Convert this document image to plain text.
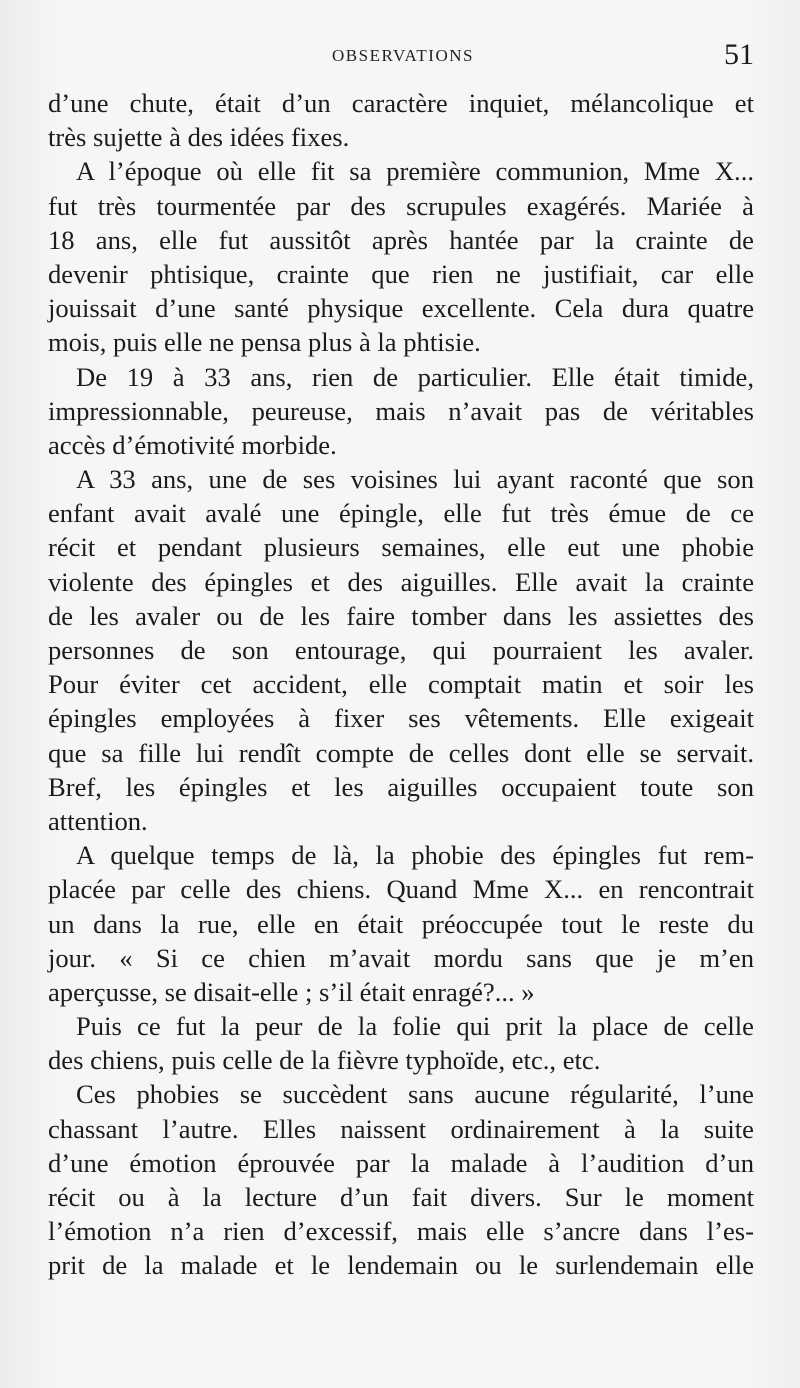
OBSERVATIONS	51
d’une chute, était d’un caractère inquiet, mélancolique et
très sujette à des idées fixes.
A l’époque où elle fit sa première communion, Mme X...
fut très tourmentée par des scrupules exagérés. Mariée à
18 ans, elle fut aussitôt après hantée par la crainte de
devenir phtisique, crainte que rien ne justifiait, car elle
jouissait d’une santé physique excellente. Cela dura quatre
mois, puis elle ne pensa plus à la phtisie.
De 19 à 33 ans, rien de particulier. Elle était timide,
impressionnable, peureuse, mais n’avait pas de véritables
accès d’émotivité morbide.
A 33 ans, une de ses voisines lui ayant raconté que son
enfant avait avalé une épingle, elle fut très émue de ce
récit et pendant plusieurs semaines, elle eut une phobie
violente des épingles et des aiguilles. Elle avait la crainte
de les avaler ou de les faire tomber dans les assiettes des
personnes de son entourage, qui pourraient les avaler.
Pour éviter cet accident, elle comptait matin et soir les
épingles employées à fixer ses vêtements. Elle exigeait
que sa fille lui rendît compte de celles dont elle se servait.
Bref, les épingles et les aiguilles occupaient toute son
attention.
A quelque temps de là, la phobie des épingles fut rem-
placée par celle des chiens. Quand Mme X... en rencontrait
un dans la rue, elle en était préoccupée tout le reste du
jour. « Si ce chien m’avait mordu sans que je m’en
aperçusse, se disait-elle ; s’il était enragé?... »
Puis ce fut la peur de la folie qui prit la place de celle
des chiens, puis celle de la fièvre typhoïde, etc., etc.
Ces phobies se succèdent sans aucune régularité, l’une
chassant l’autre. Elles naissent ordinairement à la suite
d’une émotion éprouvée par la malade à l’audition d’un
récit ou à la lecture d’un fait divers. Sur le moment
l’émotion n’a rien d’excessif, mais elle s’ancre dans l’es-
prit de la malade et le lendemain ou le surlendemain elle
